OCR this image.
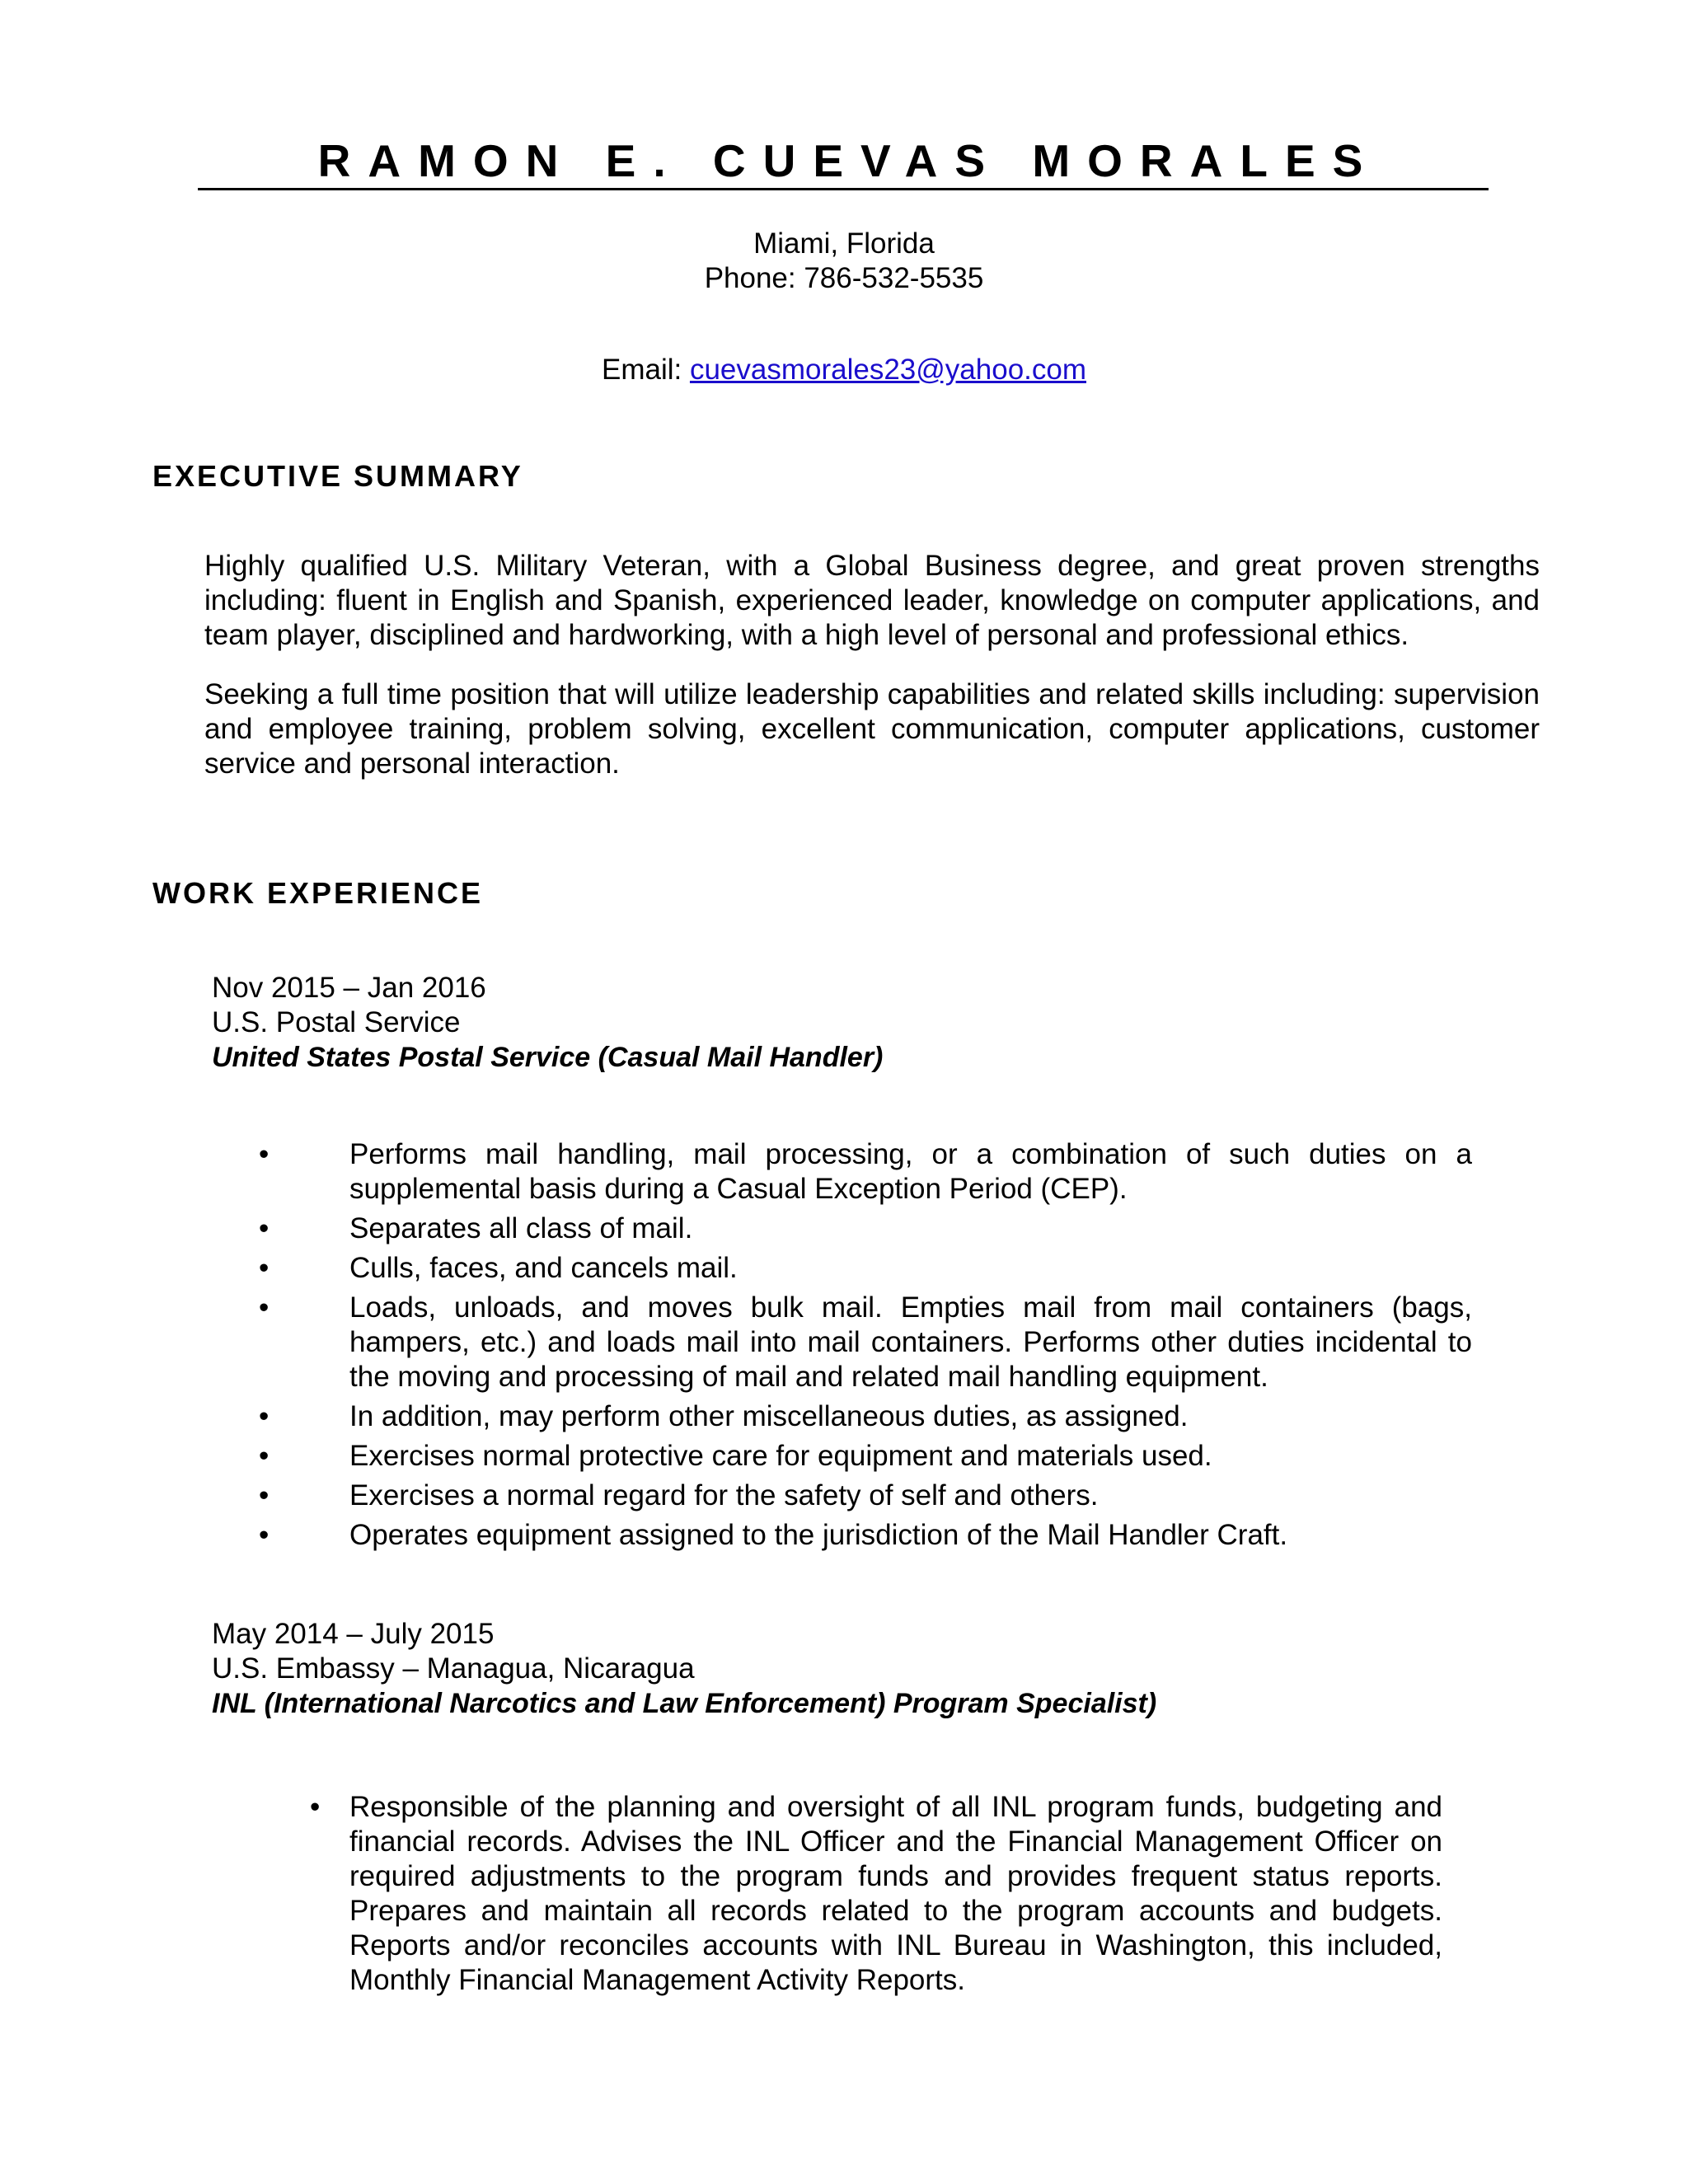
RAMON E. CUEVAS MORALES
Miami, Florida
Phone: 786-532-5535
Email: cuevasmorales23@yahoo.com
EXECUTIVE SUMMARY

Highly qualified U.S. Military Veteran, with a Global Business degree, and great proven strengths including: fluent in English and Spanish, experienced leader, knowledge on computer applications, and team player, disciplined and hardworking, with a high level of personal and professional ethics.

Seeking a full time position that will utilize leadership capabilities and related skills including: supervision and employee training, problem solving, excellent communication, computer applications, customer service and personal interaction.

WORK EXPERIENCE
Nov 2015 – Jan 2016
U.S. Postal Service
United States Postal Service (Casual Mail Handler)
•	Performs mail handling, mail processing, or a combination of such duties on a supplemental basis during a Casual Exception Period (CEP).
•	Separates all class of mail.
•	Culls, faces, and cancels mail.
•	Loads, unloads, and moves bulk mail. Empties mail from mail containers (bags, hampers, etc.) and loads mail into mail containers. Performs other duties incidental to the moving and processing of mail and related mail handling equipment.
•	In addition, may perform other miscellaneous duties, as assigned.
•	Exercises normal protective care for equipment and materials used.
•	Exercises a normal regard for the safety of self and others.
•	Operates equipment assigned to the jurisdiction of the Mail Handler Craft.
May 2014 – July 2015
U.S. Embassy – Managua, Nicaragua
INL (International Narcotics and Law Enforcement) Program Specialist)
• Responsible of the planning and oversight of all INL program funds, budgeting and financial records. Advises the INL Officer and the Financial Management Officer on required adjustments to the program funds and provides frequent status reports. Prepares and maintain all records related to the program accounts and budgets. Reports and/or reconciles accounts with INL Bureau in Washington, this included, Monthly Financial Management Activity Reports.
